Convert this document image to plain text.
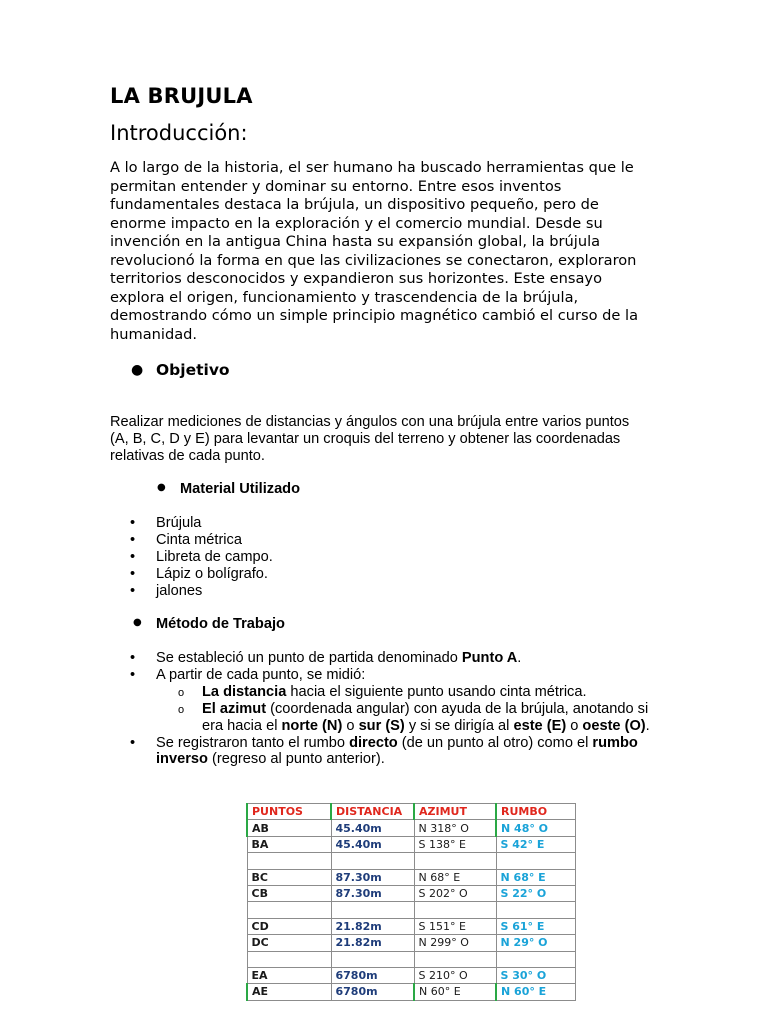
LA BRUJULA
Introducción:
A lo largo de la historia, el ser humano ha buscado herramientas que le permitan entender y dominar su entorno. Entre esos inventos fundamentales destaca la brújula, un dispositivo pequeño, pero de enorme impacto en la exploración y el comercio mundial. Desde su invención en la antigua China hasta su expansión global, la brújula revolucionó la forma en que las civilizaciones se conectaron, exploraron territorios desconocidos y expandieron sus horizontes. Este ensayo explora el origen, funcionamiento y trascendencia de la brújula, demostrando cómo un simple principio magnético cambió el curso de la humanidad.
● Objetivo
Realizar mediciones de distancias y ángulos con una brújula entre varios puntos (A, B, C, D y E) para levantar un croquis del terreno y obtener las coordenadas relativas de cada punto.
● Material Utilizado
• Brújula
• Cinta métrica
• Libreta de campo.
• Lápiz o bolígrafo.
• jalones
● Método de Trabajo
• Se estableció un punto de partida denominado Punto A.
• A partir de cada punto, se midió:
o La distancia hacia el siguiente punto usando cinta métrica.
o El azimut (coordenada angular) con ayuda de la brújula, anotando si era hacia el norte (N) o sur (S) y si se dirigía al este (E) o oeste (O).
• Se registraron tanto el rumbo directo (de un punto al otro) como el rumbo inverso (regreso al punto anterior).
PUNTOS	DISTANCIA	AZIMUT	RUMBO
AB	45.40m	N 318° O	N 48° O
BA	45.40m	S 138° E	S 42° E

BC	87.30m	N 68° E	N 68° E
CB	87.30m	S 202° O	S 22° O

CD	21.82m	S 151° E	S 61° E
DC	21.82m	N 299° O	N 29° O

EA	6780m	S 210° O	S 30° O
AE	6780m	N 60° E	N 60° E
